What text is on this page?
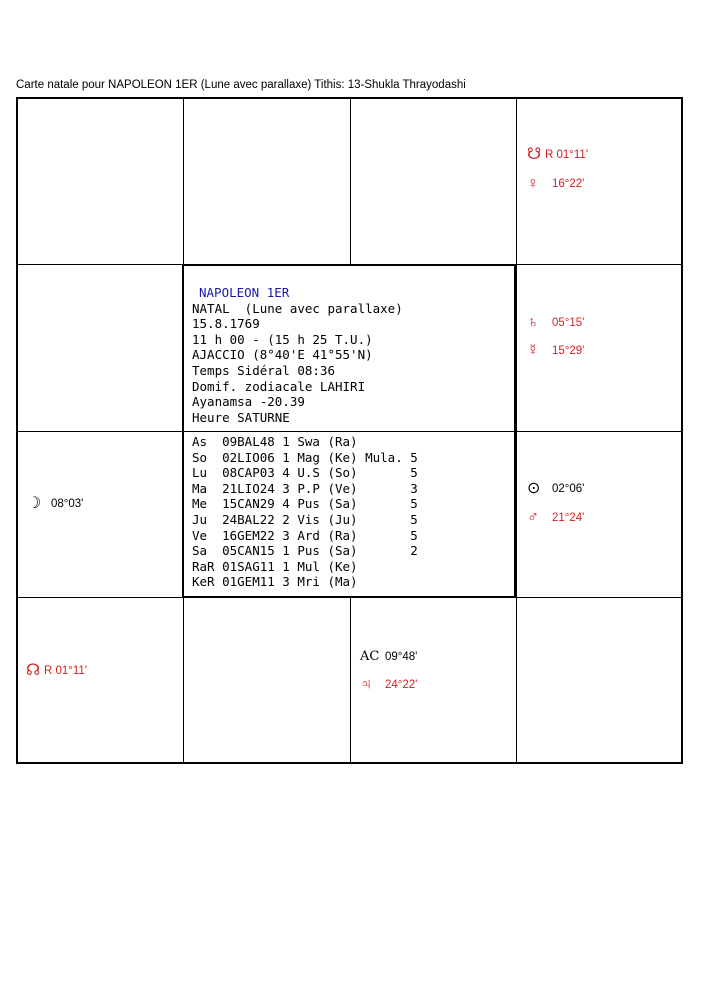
Carte natale pour NAPOLEON 1ER (Lune avec parallaxe) Tithis: 13-Shukla Thrayodashi
NAPOLEON 1ER
NATAL  (Lune avec parallaxe)
15.8.1769
11 h 00 - (15 h 25 T.U.)
AJACCIO (8°40'E 41°55'N)
Temps Sidéral 08:36
Domif. zodiacale LAHIRI
Ayanamsa -20.39
Heure SATURNE
As  09BAL48 1 Swa (Ra)
So  02LIO06 1 Mag (Ke) Mula. 5
Lu  08CAP03 4 U.S (So)       5
Ma  21LIO24 3 P.P (Ve)       3
Me  15CAN29 4 Pus (Sa)       5
Ju  24BAL22 2 Vis (Ju)       5
Ve  16GEM22 3 Ard (Ra)       5
Sa  05CAN15 1 Pus (Sa)       2
RaR 01SAG11 1 Mul (Ke)
KeR 01GEM11 3 Mri (Ma)
☋ R 01°11'
♀	16°22'
♄	05°15'
☿	15°29'
☽ 08°03'
⊙	02°06'
♂	21°24'
☊ R 01°11'
AC 09°48'
♃	24°22'
